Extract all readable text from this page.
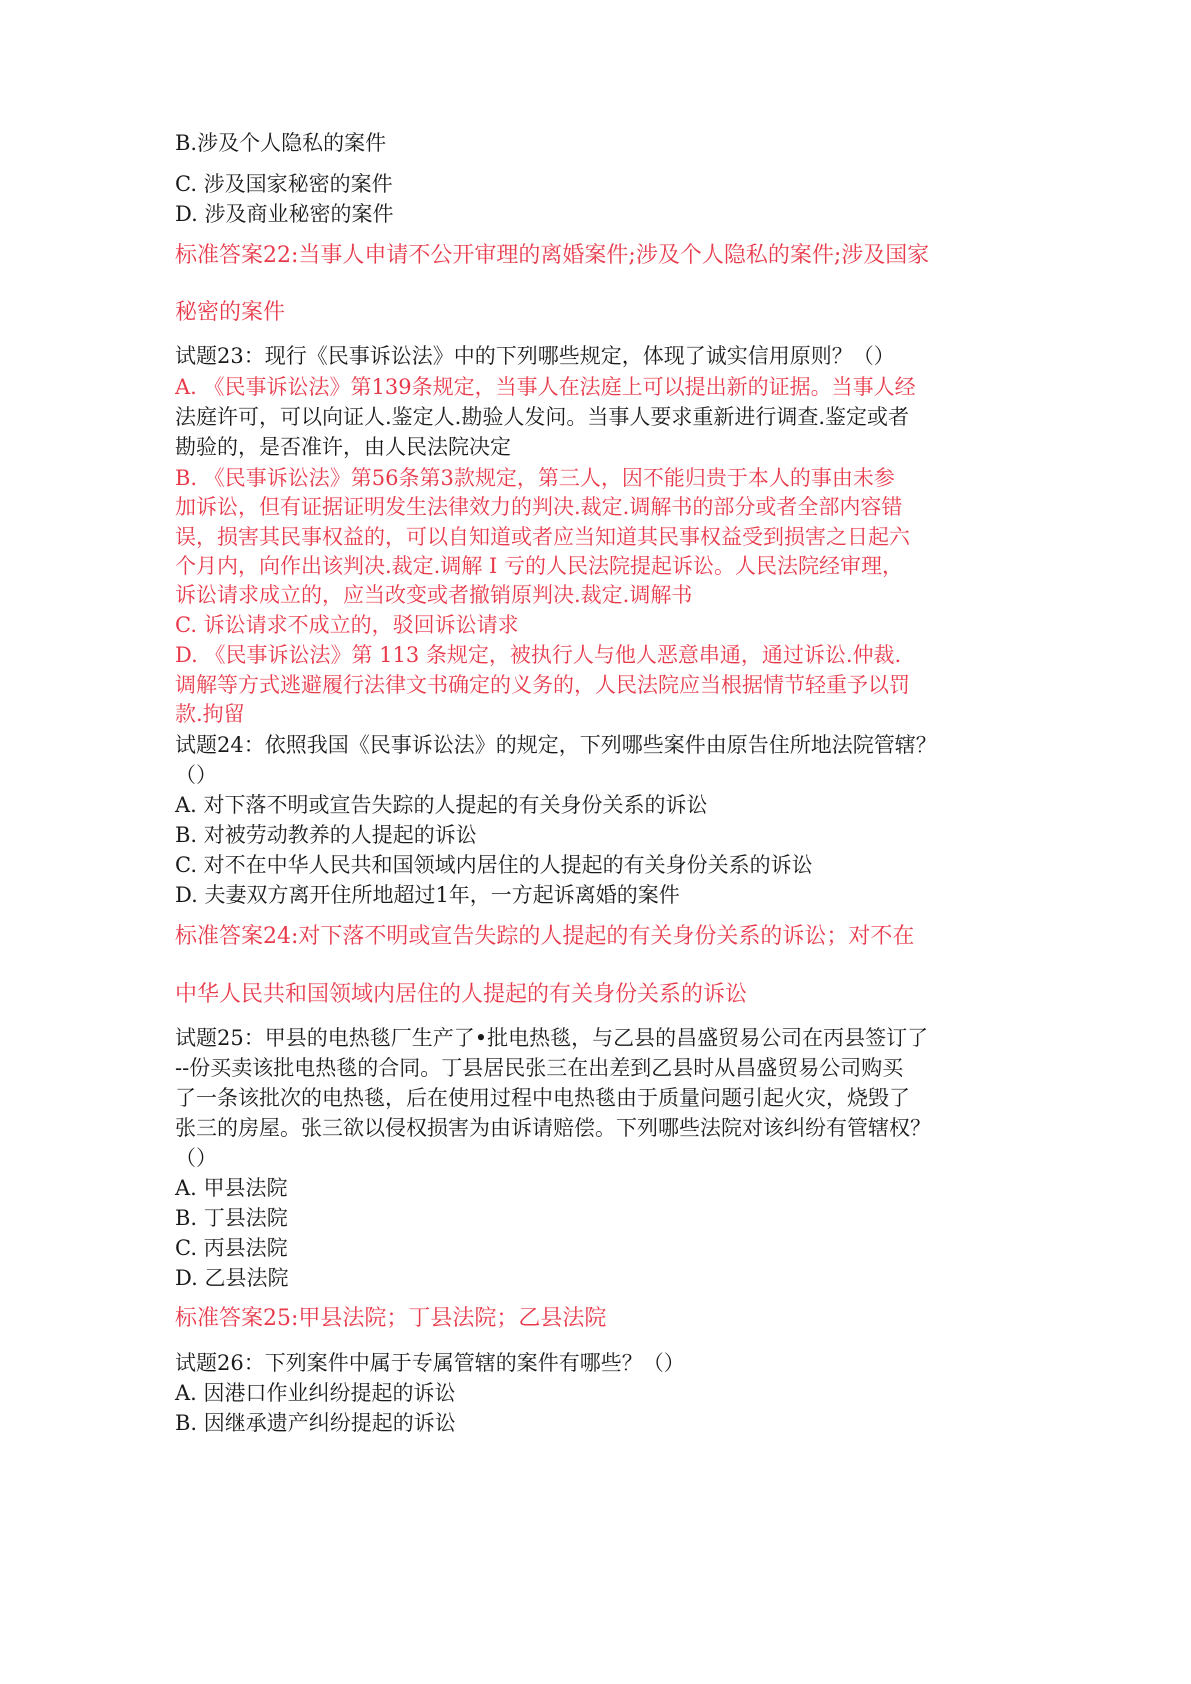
B.涉及个人隐私的案件
C. 涉及国家秘密的案件
D. 涉及商业秘密的案件
标准答案22:当事人申请不公开审理的离婚案件;涉及个人隐私的案件;涉及国家
秘密的案件
试题23：现行《民事诉讼法》中的下列哪些规定，体现了诚实信用原则？（）
A. 《民事诉讼法》第139条规定，当事人在法庭上可以提出新的证据。当事人经
法庭许可，可以向证人.鉴定人.勘验人发问。当事人要求重新进行调查.鉴定或者
勘验的，是否准许，由人民法院决定
B. 《民事诉讼法》第56条第3款规定，第三人，因不能归贵于本人的事由未参
加诉讼，但有证据证明发生法律效力的判决.裁定.调解书的部分或者全部内容错
误，损害其民事权益的，可以自知道或者应当知道其民事权益受到损害之日起六
个月内，向作出该判决.裁定.调解 I 亏的人民法院提起诉讼。人民法院经审理，
诉讼请求成立的，应当改变或者撤销原判决.裁定.调解书
C. 诉讼请求不成立的，驳回诉讼请求
D. 《民事诉讼法》第 113 条规定，被执行人与他人恶意串通，通过诉讼.仲裁.
调解等方式逃避履行法律文书确定的义务的，人民法院应当根据情节轻重予以罚
款.拘留
试题24：依照我国《民事诉讼法》的规定，下列哪些案件由原告住所地法院管辖？
（）
A. 对下落不明或宣告失踪的人提起的有关身份关系的诉讼
B. 对被劳动教养的人提起的诉讼
C. 对不在中华人民共和国领域内居住的人提起的有关身份关系的诉讼
D. 夫妻双方离开住所地超过1年，一方起诉离婚的案件
标准答案24:对下落不明或宣告失踪的人提起的有关身份关系的诉讼；对不在
中华人民共和国领域内居住的人提起的有关身份关系的诉讼
试题25：甲县的电热毯厂生产了•批电热毯，与乙县的昌盛贸易公司在丙县签订了
--份买卖该批电热毯的合同。丁县居民张三在出差到乙县时从昌盛贸易公司购买
了一条该批次的电热毯，后在使用过程中电热毯由于质量问题引起火灾，烧毁了
张三的房屋。张三欲以侵权损害为由诉请赔偿。下列哪些法院对该纠纷有管辖权？
（）
A. 甲县法院
B. 丁县法院
C. 丙县法院
D. 乙县法院
标准答案25:甲县法院；丁县法院；乙县法院
试题26：下列案件中属于专属管辖的案件有哪些？（）
A. 因港口作业纠纷提起的诉讼
B. 因继承遗产纠纷提起的诉讼
